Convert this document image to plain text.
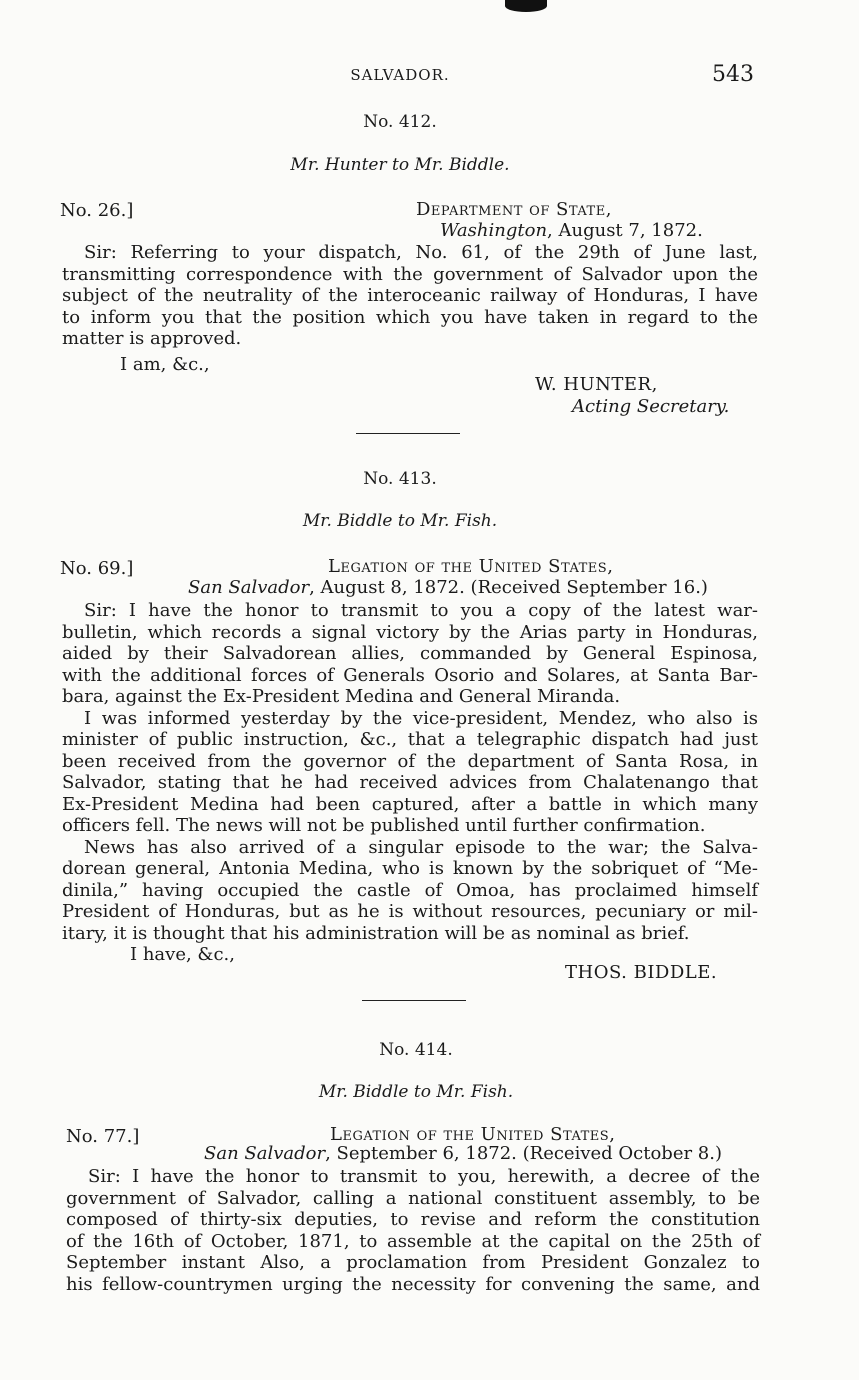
SALVADOR.	543
No. 412.
Mr. Hunter to Mr. Biddle.
No. 26.]	Department of State,
Washington, August 7, 1872.
Sir: Referring to your dispatch, No. 61, of the 29th of June last,
transmitting correspondence with the government of Salvador upon the
subject of the neutrality of the interoceanic railway of Honduras, I have
to inform you that the position which you have taken in regard to the
matter is approved.
I am, &c.,
W. HUNTER,
Acting Secretary.
No. 413.
Mr. Biddle to Mr. Fish.
No. 69.]	Legation of the United States,
San Salvador, August 8, 1872. (Received September 16.)
Sir: I have the honor to transmit to you a copy of the latest war-
bulletin, which records a signal victory by the Arias party in Honduras,
aided by their Salvadorean allies, commanded by General Espinosa,
with the additional forces of Generals Osorio and Solares, at Santa Bar-
bara, against the Ex-President Medina and General Miranda.
I was informed yesterday by the vice-president, Mendez, who also is
minister of public instruction, &c., that a telegraphic dispatch had just
been received from the governor of the department of Santa Rosa, in
Salvador, stating that he had received advices from Chalatenango that
Ex-President Medina had been captured, after a battle in which many
officers fell. The news will not be published until further confirmation.
News has also arrived of a singular episode to the war; the Salva-
dorean general, Antonia Medina, who is known by the sobriquet of “Me-
dinila,” having occupied the castle of Omoa, has proclaimed himself
President of Honduras, but as he is without resources, pecuniary or mil-
itary, it is thought that his administration will be as nominal as brief.
I have, &c.,
THOS. BIDDLE.
No. 414.
Mr. Biddle to Mr. Fish.
No. 77.]	Legation of the United States,
San Salvador, September 6, 1872. (Received October 8.)
Sir: I have the honor to transmit to you, herewith, a decree of the
government of Salvador, calling a national constituent assembly, to be
composed of thirty-six deputies, to revise and reform the constitution
of the 16th of October, 1871, to assemble at the capital on the 25th of
September instant Also, a proclamation from President Gonzalez to
his fellow-countrymen urging the necessity for convening the same, and
